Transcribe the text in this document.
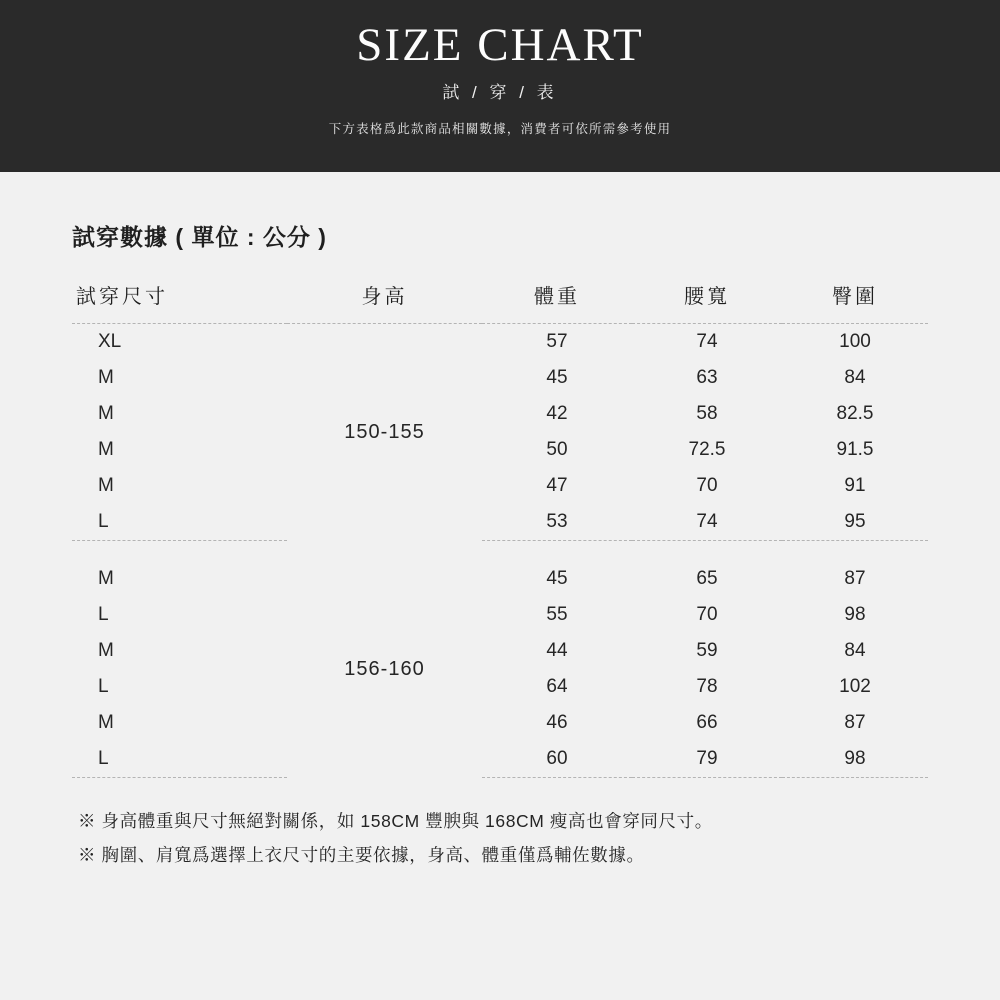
SIZE CHART
試 / 穿 / 表
下方表格爲此款商品相關數據，消費者可依所需參考使用
試穿數據 ( 單位 : 公分 )
試穿尺寸	身高	體重	腰寬	臀圍
XL	150-155	57	74	100
M		45	63	84
M		42	58	82.5
M		50	72.5	91.5
M		47	70	91
L		53	74	95

M	156-160	45	65	87
L		55	70	98
M		44	59	84
L		64	78	102
M		46	66	87
L		60	79	98
※ 身高體重與尺寸無絕對關係，如 158CM 豐腴與 168CM 瘦高也會穿同尺寸。
※ 胸圍、肩寬爲選擇上衣尺寸的主要依據，身高、體重僅爲輔佐數據。
